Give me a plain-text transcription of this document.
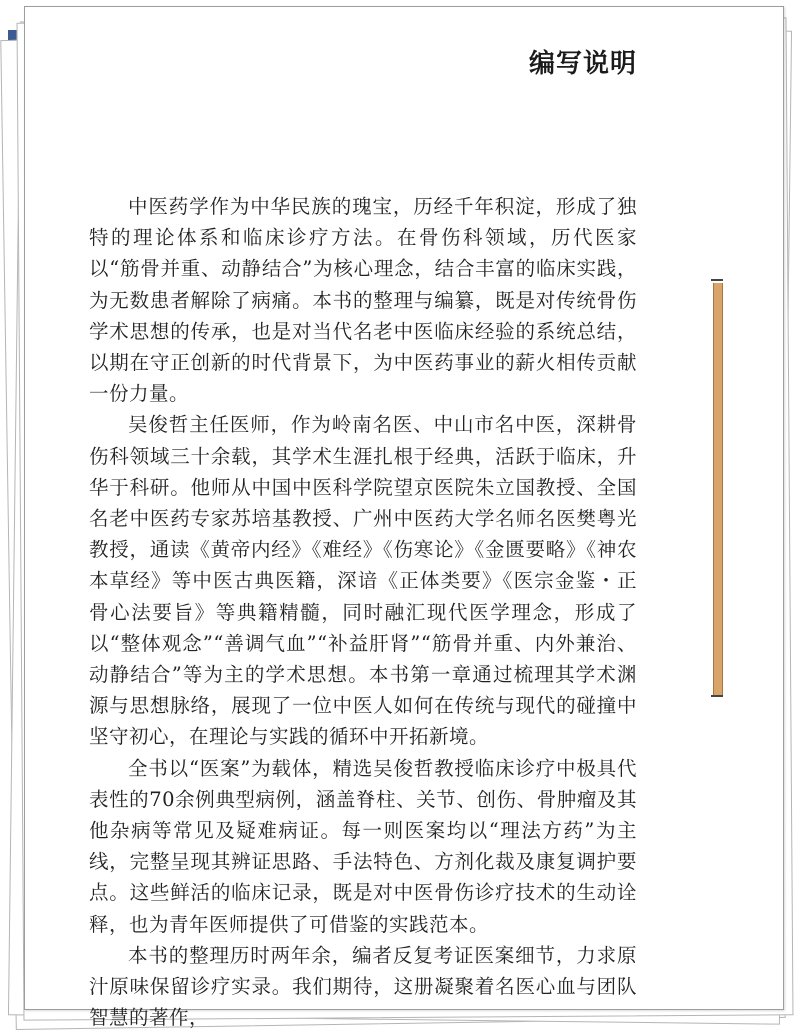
编写说明

中医药学作为中华民族的瑰宝，历经千年积淀，形成了独特的理论体系和临床诊疗方法。在骨伤科领域，历代医家以“筋骨并重、动静结合”为核心理念，结合丰富的临床实践，为无数患者解除了病痛。本书的整理与编纂，既是对传统骨伤学术思想的传承，也是对当代名老中医临床经验的系统总结，以期在守正创新的时代背景下，为中医药事业的薪火相传贡献一份力量。

吴俊哲主任医师，作为岭南名医、中山市名中医，深耕骨伤科领域三十余载，其学术生涯扎根于经典，活跃于临床，升华于科研。他师从中国中医科学院望京医院朱立国教授、全国名老中医药专家苏培基教授、广州中医药大学名师名医樊粤光教授，通读《黄帝内经》《难经》《伤寒论》《金匮要略》《神农本草经》等中医古典医籍，深谙《正体类要》《医宗金鉴・正骨心法要旨》等典籍精髓，同时融汇现代医学理念，形成了以“整体观念”“善调气血”“补益肝肾”“筋骨并重、内外兼治、动静结合”等为主的学术思想。本书第一章通过梳理其学术渊源与思想脉络，展现了一位中医人如何在传统与现代的碰撞中坚守初心，在理论与实践的循环中开拓新境。

全书以“医案”为载体，精选吴俊哲教授临床诊疗中极具代表性的70余例典型病例，涵盖脊柱、关节、创伤、骨肿瘤及其他杂病等常见及疑难病证。每一则医案均以“理法方药”为主线，完整呈现其辨证思路、手法特色、方剂化裁及康复调护要点。这些鲜活的临床记录，既是对中医骨伤诊疗技术的生动诠释，也为青年医师提供了可借鉴的实践范本。

本书的整理历时两年余，编者反复考证医案细节，力求原汁原味保留诊疗实录。我们期待，这册凝聚着名医心血与团队智慧的著作，
